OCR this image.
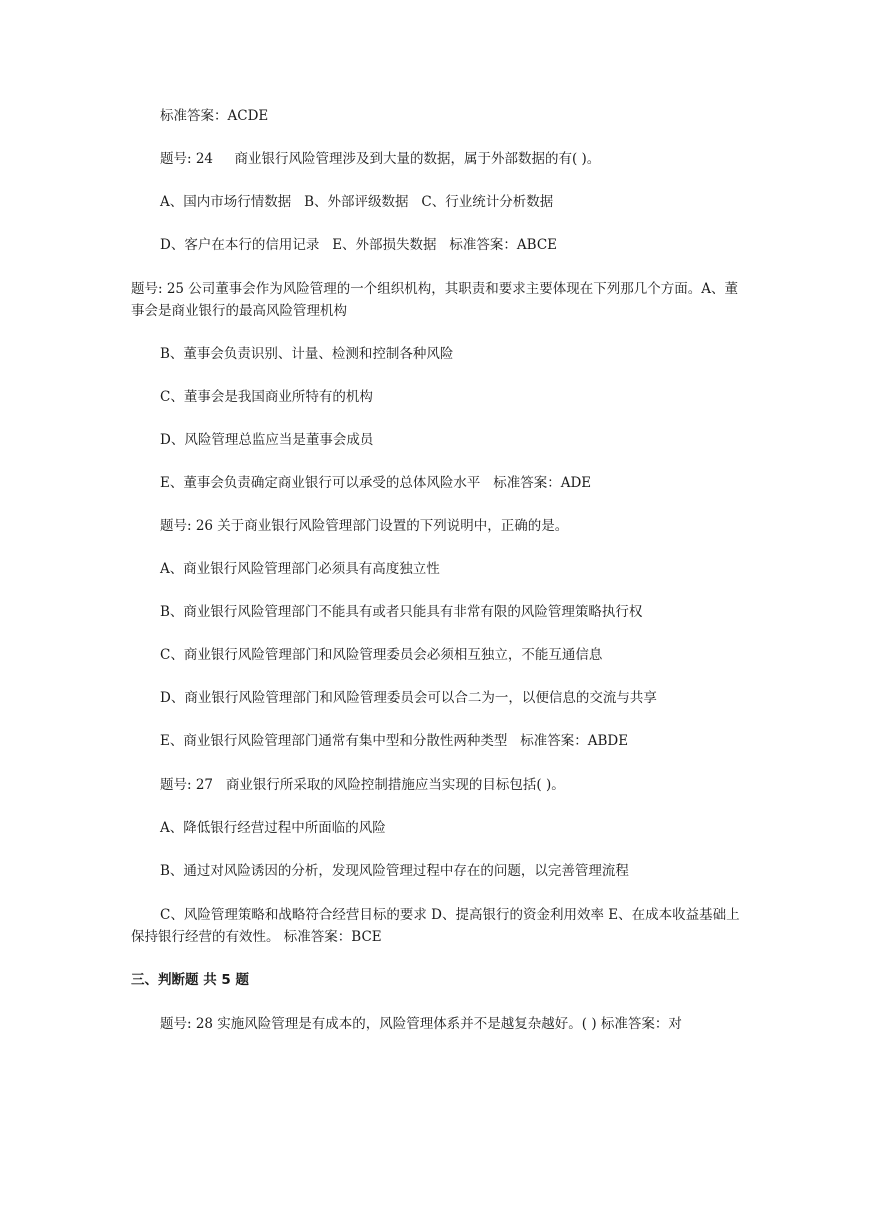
标准答案：ACDE
题号: 24     商业银行风险管理涉及到大量的数据，属于外部数据的有( )。
A、国内市场行情数据   B、外部评级数据   C、行业统计分析数据
D、客户在本行的信用记录   E、外部损失数据   标准答案：ABCE
题号: 25 公司董事会作为风险管理的一个组织机构，其职责和要求主要体现在下列那几个方面。A、董事会是商业银行的最高风险管理机构
B、董事会负责识别、计量、检测和控制各种风险
C、董事会是我国商业所特有的机构
D、风险管理总监应当是董事会成员
E、董事会负责确定商业银行可以承受的总体风险水平   标准答案：ADE
题号: 26 关于商业银行风险管理部门设置的下列说明中，正确的是。
A、商业银行风险管理部门必须具有高度独立性
B、商业银行风险管理部门不能具有或者只能具有非常有限的风险管理策略执行权
C、商业银行风险管理部门和风险管理委员会必须相互独立，不能互通信息
D、商业银行风险管理部门和风险管理委员会可以合二为一，以便信息的交流与共享
E、商业银行风险管理部门通常有集中型和分散性两种类型   标准答案：ABDE
题号: 27   商业银行所采取的风险控制措施应当实现的目标包括( )。
A、降低银行经营过程中所面临的风险
B、通过对风险诱因的分析，发现风险管理过程中存在的问题，以完善管理流程
C、风险管理策略和战略符合经营目标的要求 D、提高银行的资金利用效率 E、在成本收益基础上保持银行经营的有效性。 标准答案：BCE
三、判断题 共 5 题
题号: 28 实施风险管理是有成本的，风险管理体系并不是越复杂越好。( ) 标准答案：对
